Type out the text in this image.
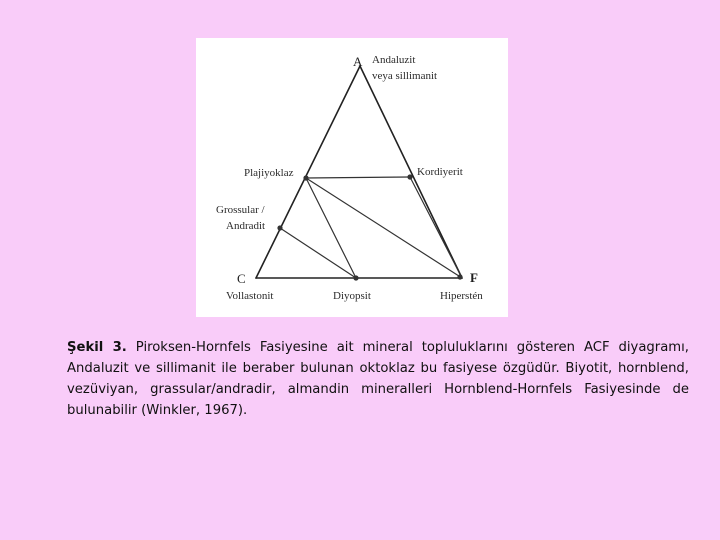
A Andaluzit
veya sillimanit
Plajiyoklaz	Kordiyerit
Grossular /
Andradit
C
Vollastonit	Diyopsit
F
Hiperstén
Şekil 3. Piroksen-Hornfels Fasiyesine ait mineral topluluklarını gösteren ACF diyagramı, Andaluzit ve sillimanit ile beraber bulunan oktoklaz bu fasiyese özgüdür. Biyotit, hornblend, vezüviyan, grassular/andradir, almandin mineralleri Hornblend-Hornfels Fasiyesinde de bulunabilir (Winkler, 1967).
